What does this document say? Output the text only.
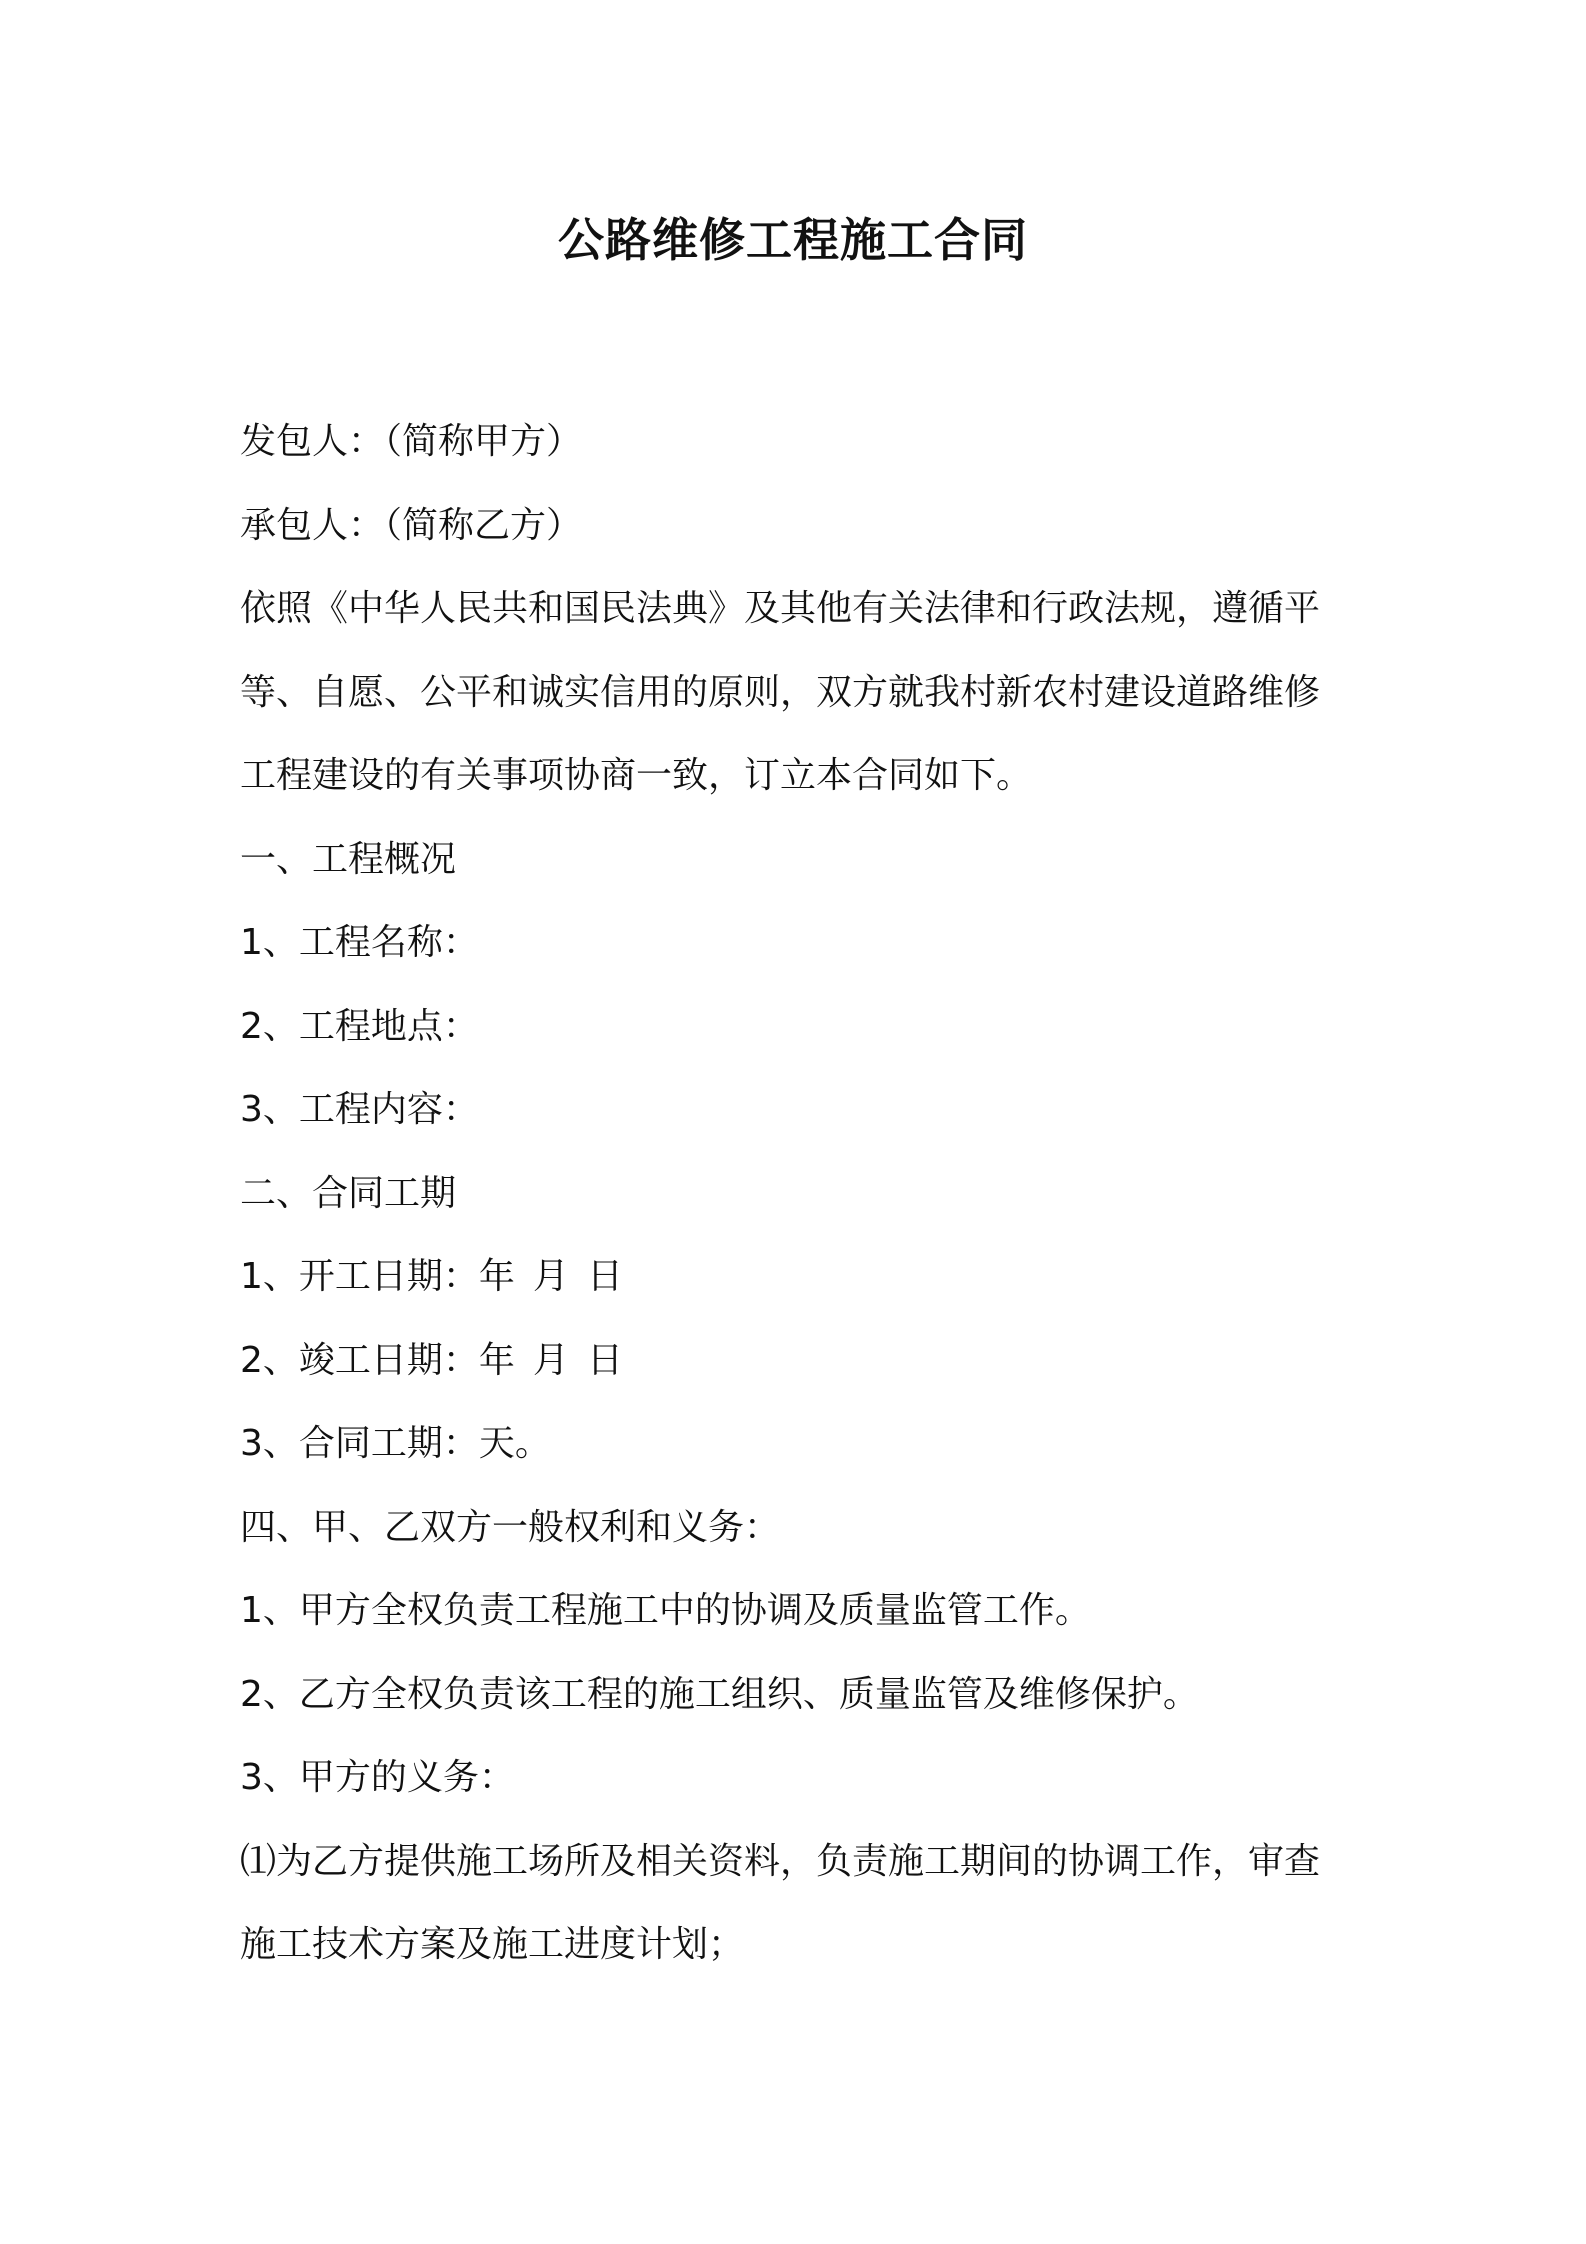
公路维修工程施工合同
发包人：（简称甲方）
承包人：（简称乙方）
依照《中华人民共和国民法典》及其他有关法律和行政法规，遵循平
等、自愿、公平和诚实信用的原则，双方就我村新农村建设道路维修
工程建设的有关事项协商一致，订立本合同如下。
一、工程概况
1、工程名称：
2、工程地点：
3、工程内容：
二、合同工期
1、开工日期：年 月 日
2、竣工日期：年 月 日
3、合同工期：天。
四、甲、乙双方一般权利和义务：
1、甲方全权负责工程施工中的协调及质量监管工作。
2、乙方全权负责该工程的施工组织、质量监管及维修保护。
3、甲方的义务：
⑴为乙方提供施工场所及相关资料，负责施工期间的协调工作，审查
施工技术方案及施工进度计划；
